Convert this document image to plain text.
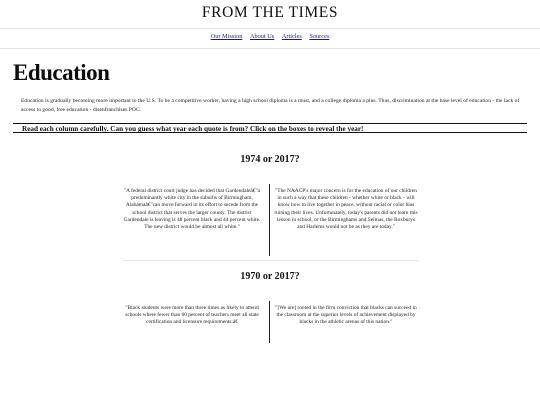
FROM THE TIMES
Our Mission About Us Articles Sources
Education

Education is gradually becoming more important to the U.S. To be a competitive worker, having a high school diploma is a must, and a college diploma a plus. Thus, discrimination at the base level of education - the lack of access to good, free education - disenfranchises POC.

Read each column carefully. Can you guess what year each quote is from? Click on the boxes to reveal the year!
1974 or 2017?
"A federal district court judge has decided that Gardendaleâ€"a predominantly white city in the suburbs of Birmingham, Alabamaâ€"can move forward in its effort to secede from the school district that serves the larger county. The district Gardendale is leaving is 48 percent black and 44 percent white. The new district would be almost all white."
"The NAACP's major concern is for the education of our children in such a way that these children - whether white or black - will know how to live together in peace, without racial or color bias ruining their lives. Unfortunately, today's parents did not learn this lesson in school, or the Birminghams and Selmas, the Roxburys and Harlems would not be as they are today."
1970 or 2017?
"Black students were more than three times as likely to attend schools where fewer than 60 percent of teachers meet all state certification and licensure requirements.â€
"[We are] rooted in the firm conviction that blacks can succeed in the classroom at the superior levels of achievement displayed by blacks in the athletic arenas of this nation."
